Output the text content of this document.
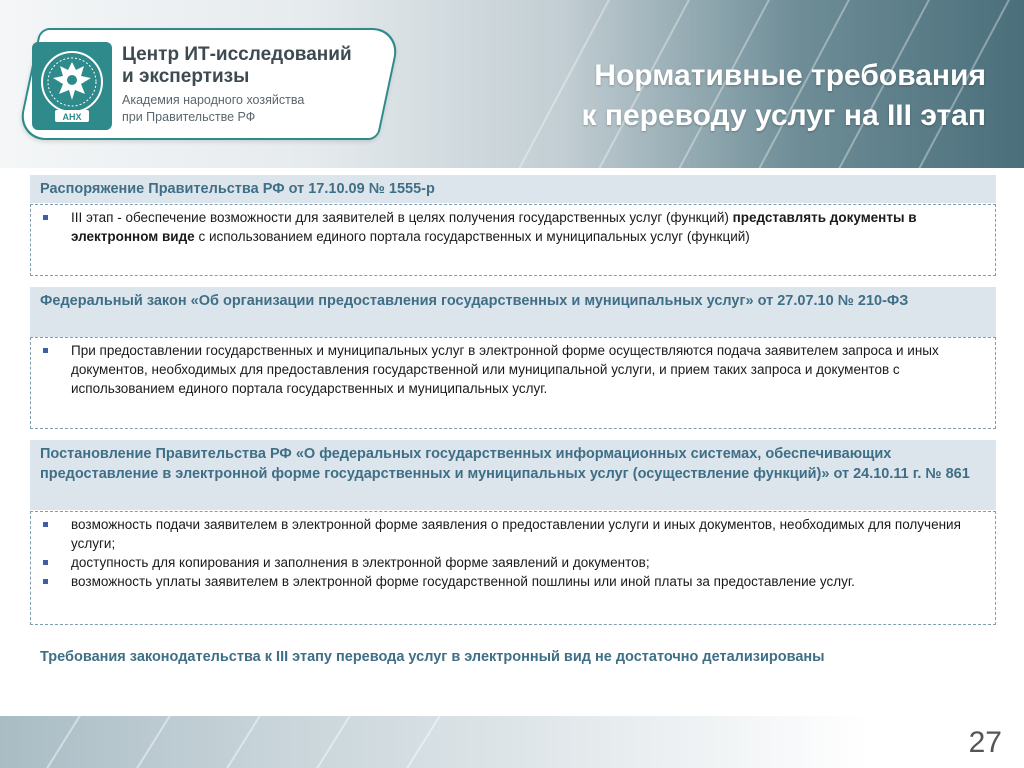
АНХ
Центр ИТ-исследований
и экспертизы
Академия народного хозяйства
при Правительстве РФ
Нормативные требования
к переводу услуг на III этап
Распоряжение Правительства РФ от 17.10.09 № 1555-р
III этап - обеспечение возможности для заявителей в целях получения государственных услуг (функций) представлять документы в электронном виде с использованием единого портала государственных и муниципальных услуг (функций)
Федеральный закон «Об организации предоставления государственных и муниципальных услуг» от 27.07.10 № 210-ФЗ
При предоставлении государственных и муниципальных услуг в электронной форме осуществляются подача заявителем запроса и иных документов, необходимых для предоставления государственной или муниципальной услуги, и прием таких запроса и документов с использованием единого портала государственных и муниципальных услуг.
Постановление Правительства РФ «О федеральных государственных информационных системах, обеспечивающих предоставление в электронной форме государственных и муниципальных услуг (осуществление функций)» от 24.10.11 г. № 861
возможность подачи заявителем в электронной форме заявления о предоставлении услуги и иных документов, необходимых для получения услуги;
доступность для копирования и заполнения в электронной форме заявлений и документов;
возможность уплаты заявителем в электронной форме государственной пошлины или иной платы за предоставление услуг.
Требования законодательства к III этапу перевода услуг в электронный вид не достаточно детализированы
27
